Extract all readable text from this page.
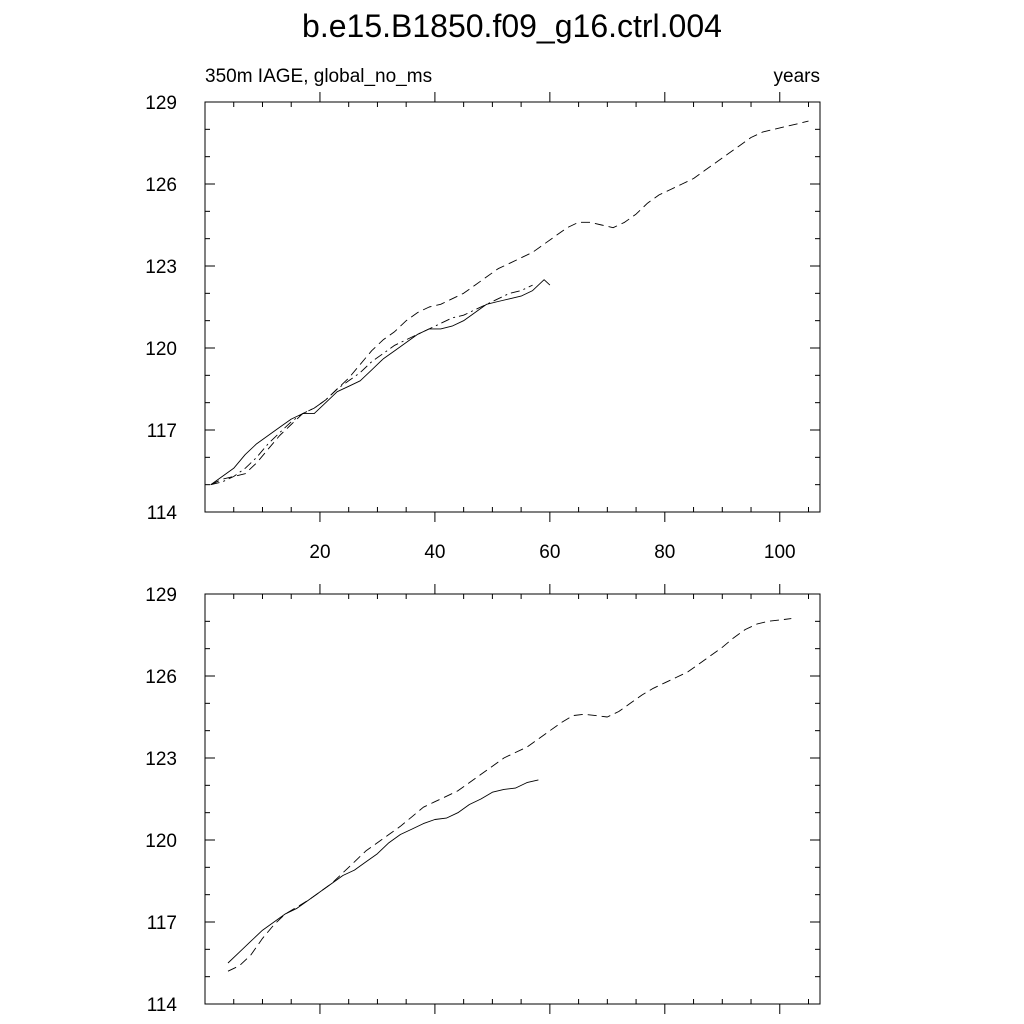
b.e15.B1850.f09_g16.ctrl.004
350m IAGE, global_no_ms	years
20	40	60	80	100
114
117
120
123
126
129
114
117
120
123
126
129
